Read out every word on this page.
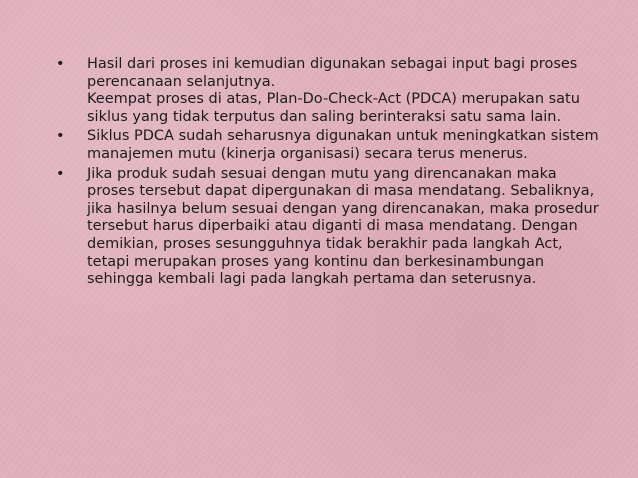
•	Hasil dari proses ini kemudian digunakan sebagai input bagi proses perencanaan selanjutnya.
Keempat proses di atas, Plan-Do-Check-Act (PDCA) merupakan satu siklus yang tidak terputus dan saling berinteraksi satu sama lain.
•	Siklus PDCA sudah seharusnya digunakan untuk meningkatkan sistem manajemen mutu (kinerja organisasi) secara terus menerus.
•	Jika produk sudah sesuai dengan mutu yang direncanakan maka proses tersebut dapat dipergunakan di masa mendatang. Sebaliknya, jika hasilnya belum sesuai dengan yang direncanakan, maka prosedur tersebut harus diperbaiki atau diganti di masa mendatang. Dengan demikian, proses sesungguhnya tidak berakhir pada langkah Act, tetapi merupakan proses yang kontinu dan berkesinambungan sehingga kembali lagi pada langkah pertama dan seterusnya.
